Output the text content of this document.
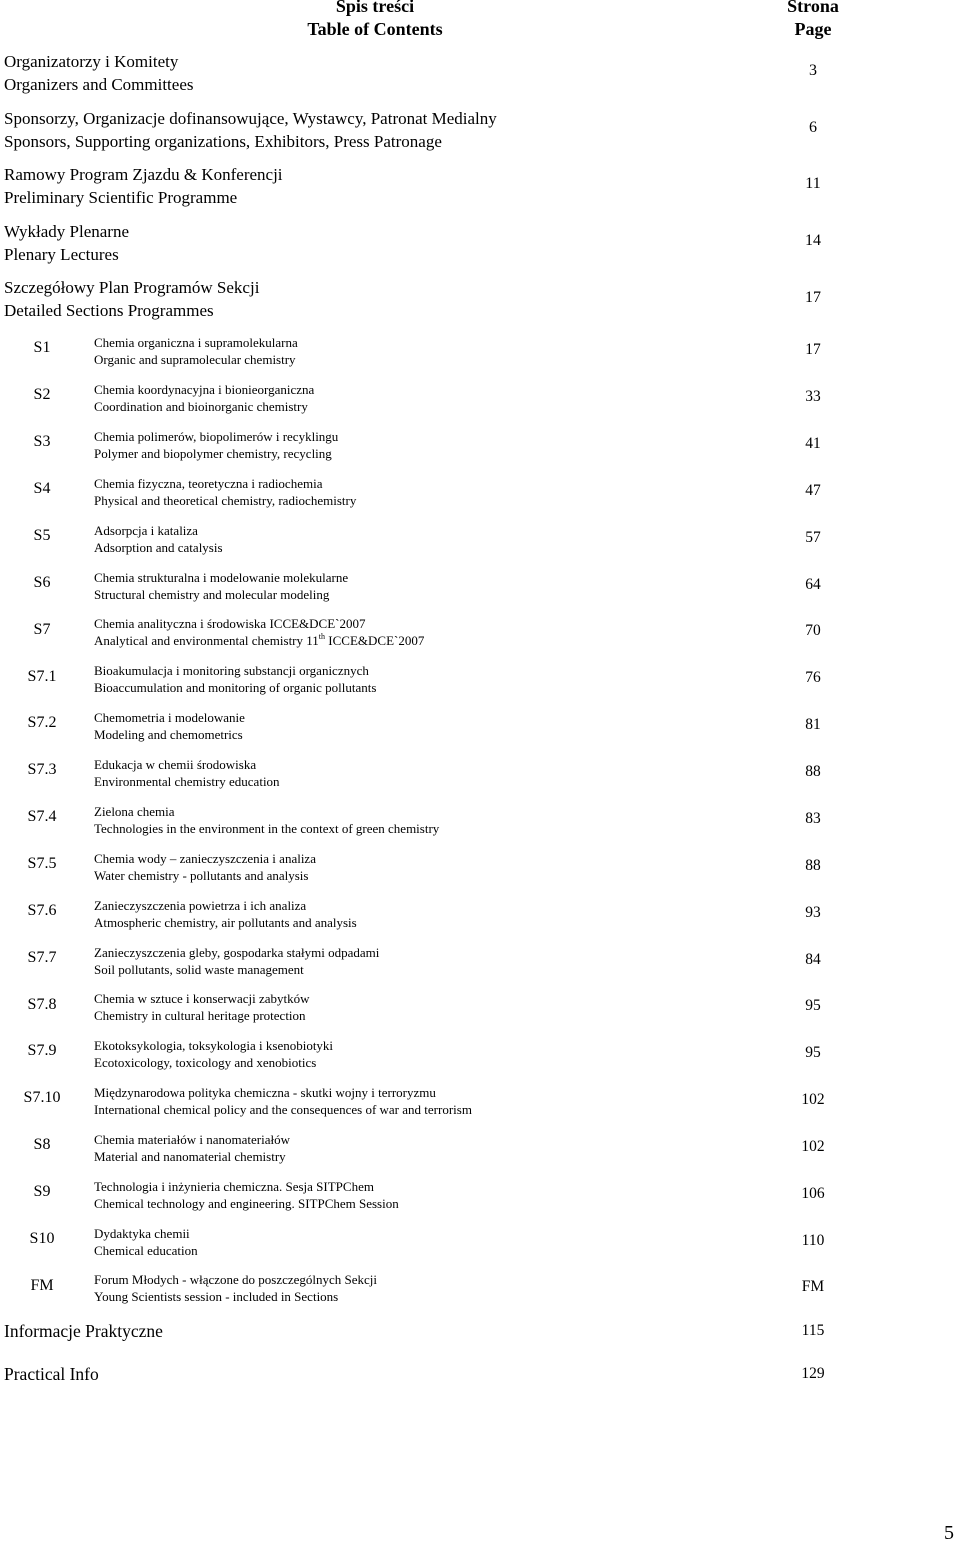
Spis treści
Table of Contents
Strona
Page
Organizatorzy i Komitety
Organizers and Committees
3
Sponsorzy, Organizacje dofinansowujące, Wystawcy, Patronat Medialny
Sponsors, Supporting organizations, Exhibitors, Press Patronage
6
Ramowy Program Zjazdu & Konferencji
Preliminary Scientific Programme
11
Wykłady Plenarne
Plenary Lectures
14
Szczegółowy Plan Programów Sekcji
Detailed Sections Programmes
17
S1	Chemia organiczna i supramolekularna
Organic and supramolecular chemistry
17
S2	Chemia koordynacyjna i bionieorganiczna
Coordination and bioinorganic chemistry
33
S3	Chemia polimerów, biopolimerów i recyklingu
Polymer and biopolymer chemistry, recycling
41
S4	Chemia fizyczna, teoretyczna i radiochemia
Physical and theoretical chemistry, radiochemistry
47
S5	Adsorpcja i kataliza
Adsorption and catalysis
57
S6	Chemia strukturalna i modelowanie molekularne
Structural chemistry and molecular modeling
64
S7	Chemia analityczna i środowiska ICCE&DCE`2007
Analytical and environmental chemistry 11th ICCE&DCE`2007
70
S7.1	Bioakumulacja i monitoring substancji organicznych
Bioaccumulation and monitoring of organic pollutants
76
S7.2	Chemometria i modelowanie
Modeling and chemometrics
81
S7.3	Edukacja w chemii środowiska
Environmental chemistry education
88
S7.4	Zielona chemia
Technologies in the environment in the context of green chemistry
83
S7.5	Chemia wody – zanieczyszczenia i analiza
Water chemistry - pollutants and analysis
88
S7.6	Zanieczyszczenia powietrza i ich analiza
Atmospheric chemistry, air pollutants and analysis
93
S7.7	Zanieczyszczenia gleby, gospodarka stałymi odpadami
Soil pollutants, solid waste management
84
S7.8	Chemia w sztuce i konserwacji zabytków
Chemistry in cultural heritage protection
95
S7.9	Ekotoksykologia, toksykologia i ksenobiotyki
Ecotoxicology, toxicology and xenobiotics
95
S7.10	Międzynarodowa polityka chemiczna - skutki wojny i terroryzmu
International chemical policy and the consequences of war and terrorism
102
S8	Chemia materiałów i nanomateriałów
Material and nanomaterial chemistry
102
S9	Technologia i inżynieria chemiczna. Sesja SITPChem
Chemical technology and engineering. SITPChem Session
106
S10	Dydaktyka chemii
Chemical education
110
FM	Forum Młodych - włączone do poszczególnych Sekcji
Young Scientists session - included in Sections
FM
Informacje Praktyczne	115
Practical Info	129
5
